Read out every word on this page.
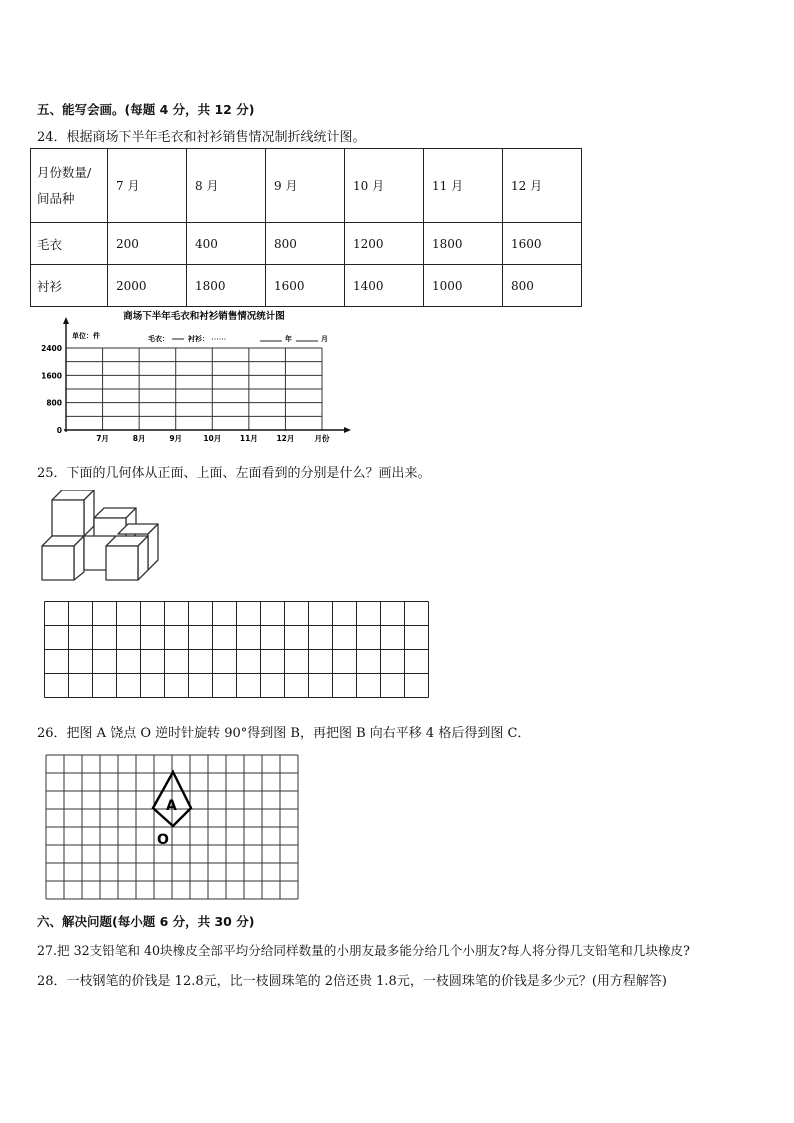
五、能写会画。(每题 4 分，共 12 分)
24．根据商场下半年毛衣和衬衫销售情况制折线统计图。
月份数量/
间品种	7 月	8 月	9 月	10 月	11 月	12 月
毛衣	200	400	800	1200	1800	1600
衬衫	2000	1800	1600	1400	1000	800
商场下半年毛衣和衬衫销售情况统计图
单位：件	毛衣：	衬衫：	年	月
0
800
1600
2400
7月	8月	9月	10月 11月 12月	月份
25．下面的几何体从正面、上面、左面看到的分别是什么？画出来。
26．把图 A 饶点 O 逆时针旋转 90°得到图 B，再把图 B 向右平移 4 格后得到图 C．
A
O
六、解决问题(每小题 6 分，共 30 分)
27.把 32支铅笔和 40块橡皮全部平均分给同样数量的小朋友最多能分给几个小朋友?每人将分得几支铅笔和几块橡皮?
28．一枝钢笔的价钱是 12.8元，比一枝圆珠笔的 2倍还贵 1.8元，一枝圆珠笔的价钱是多少元？(用方程解答)
